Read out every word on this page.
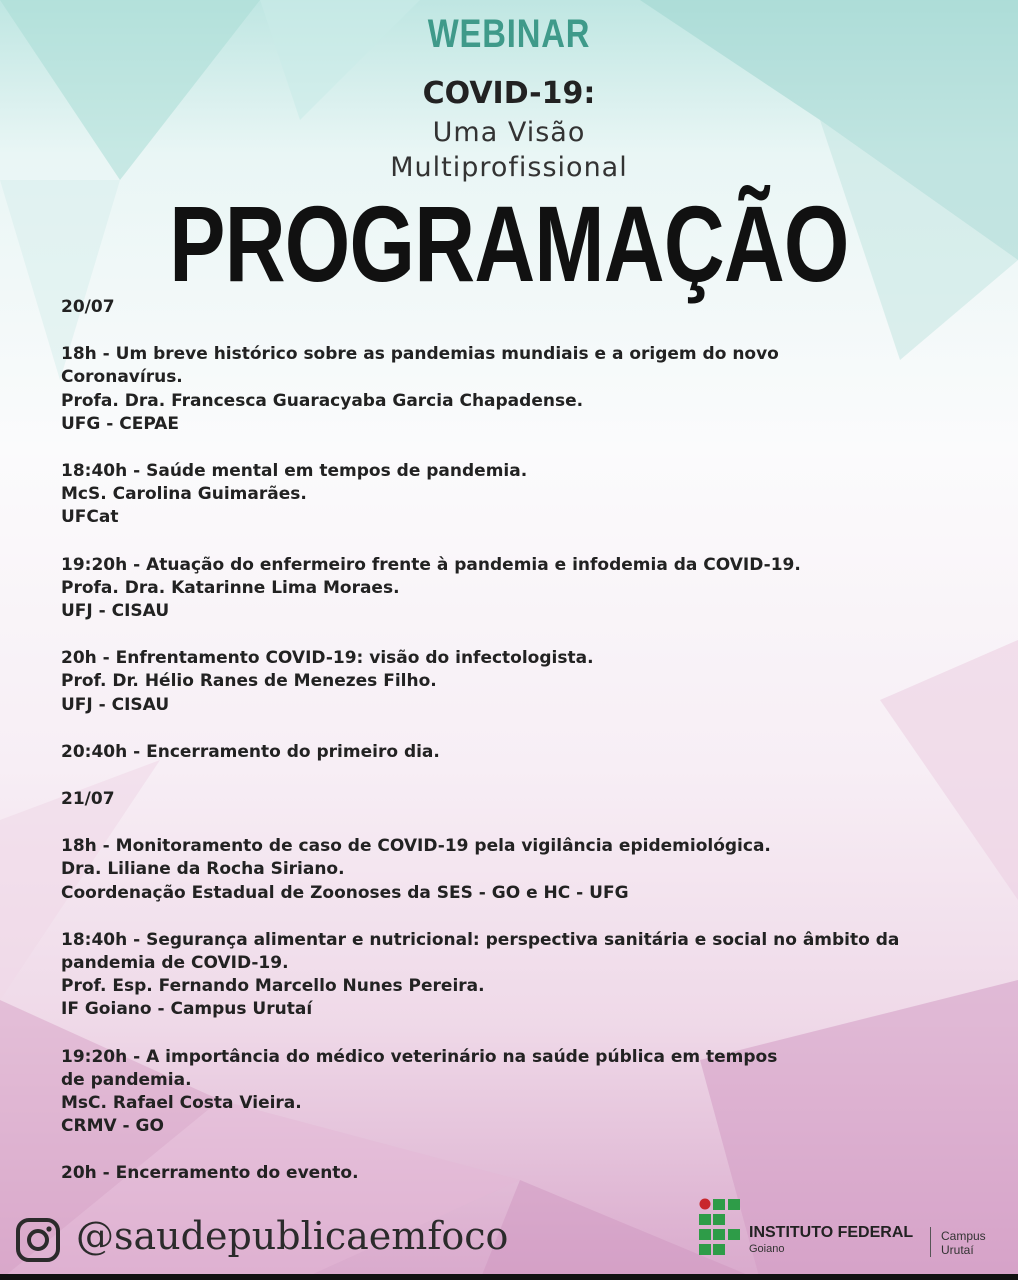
WEBINAR
COVID-19:
Uma Visão
Multiprofissional
PROGRAMAÇÃO
20/07

18h - Um breve histórico sobre as pandemias mundiais e a origem do novo

Coronavírus.

Profa. Dra. Francesca Guaracyaba Garcia Chapadense.

UFG - CEPAE

18:40h - Saúde mental em tempos de pandemia.

McS. Carolina Guimarães.

UFCat

19:20h - Atuação do enfermeiro frente à pandemia e infodemia da COVID-19.

Profa. Dra. Katarinne Lima Moraes.

UFJ - CISAU

20h - Enfrentamento COVID-19: visão do infectologista.

Prof. Dr. Hélio Ranes de Menezes Filho.

UFJ - CISAU

20:40h - Encerramento do primeiro dia.

21/07

18h - Monitoramento de caso de COVID-19 pela vigilância epidemiológica.

Dra. Liliane da Rocha Siriano.

Coordenação Estadual de Zoonoses da SES - GO e HC - UFG

18:40h - Segurança alimentar e nutricional: perspectiva sanitária e social no âmbito da

pandemia de COVID-19.

Prof. Esp. Fernando Marcello Nunes Pereira.

IF Goiano - Campus Urutaí

19:20h - A importância do médico veterinário na saúde pública em tempos

de pandemia.

MsC. Rafael Costa Vieira.

CRMV - GO

20h - Encerramento do evento.

@saudepublicaemfoco	INSTITUTO FEDERAL
Goiano
Campus
Urutaí
